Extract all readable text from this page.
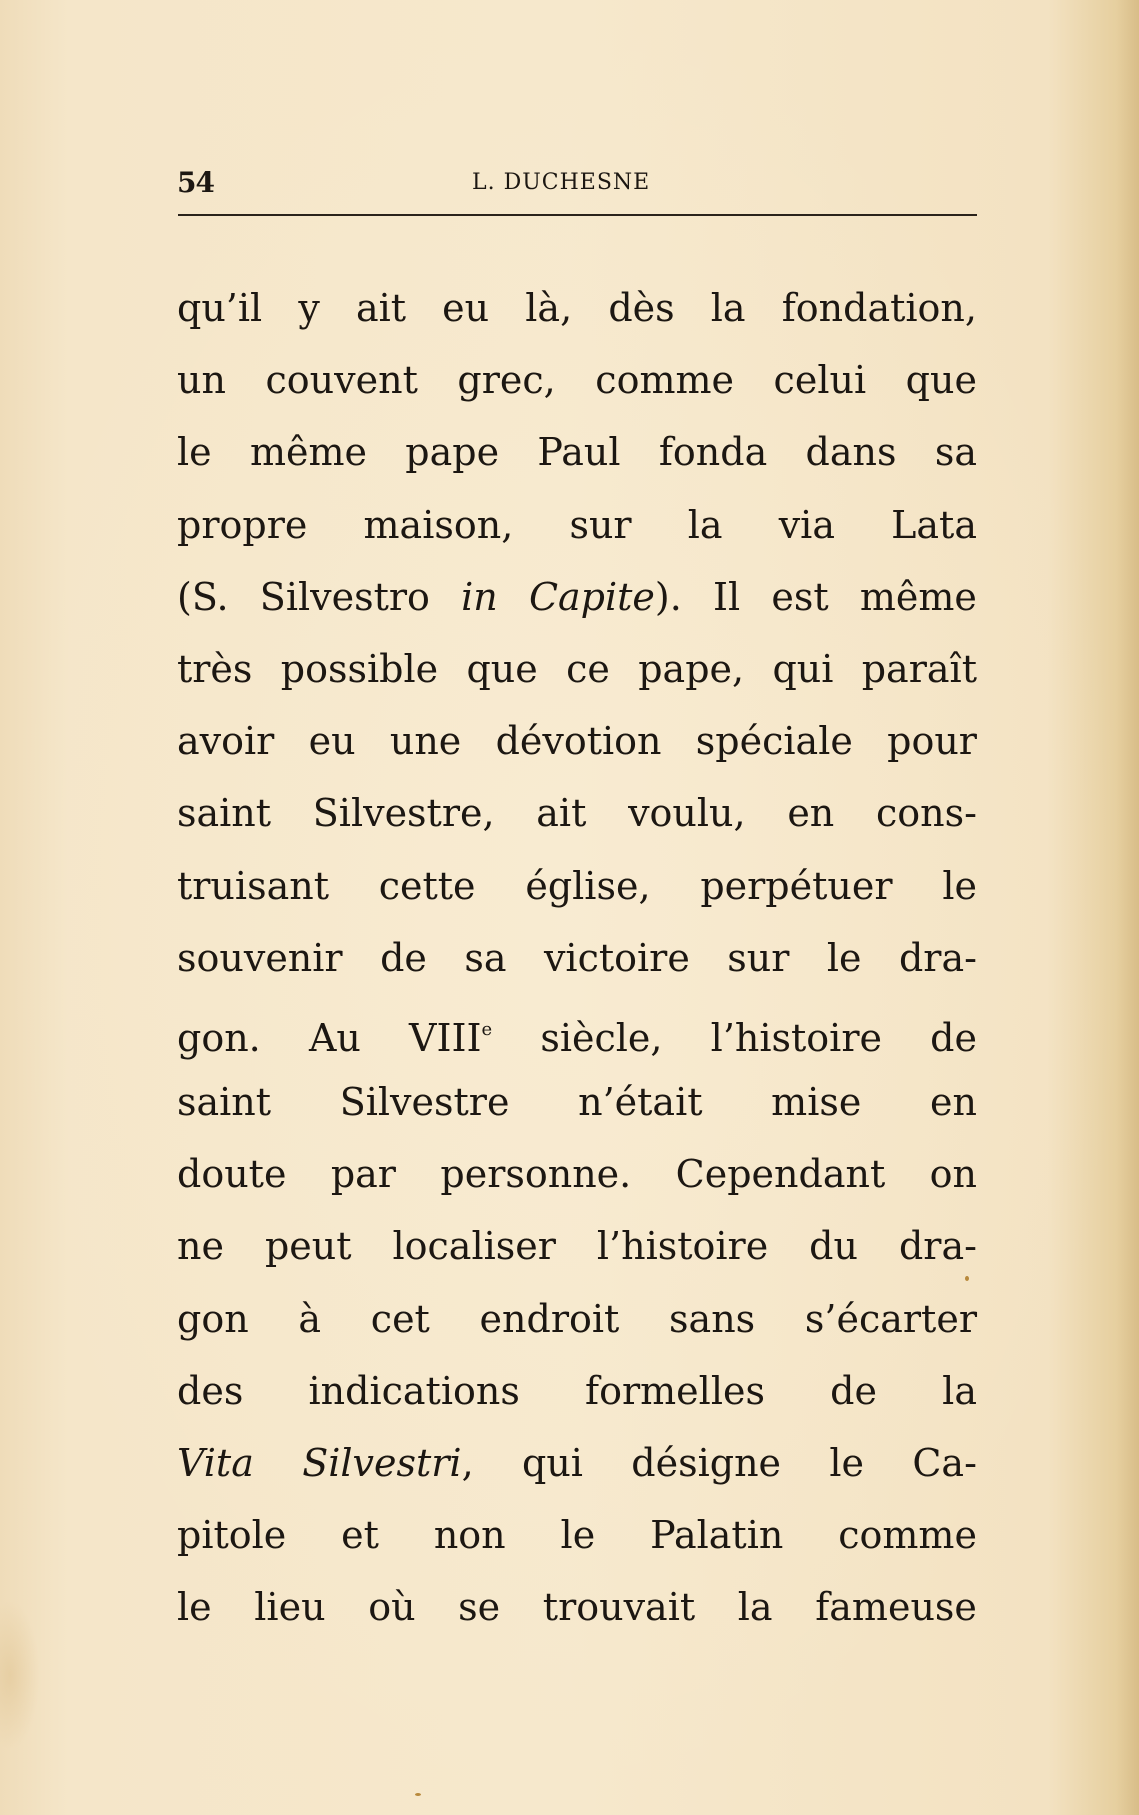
54	L. DUCHESNE
qu’il y ait eu là, dès la fondation,
un couvent grec, comme celui que
le même pape Paul fonda dans sa
propre maison, sur la via Lata
(S. Silvestro in Capite). Il est même
très possible que ce pape, qui paraît
avoir eu une dévotion spéciale pour
saint Silvestre, ait voulu, en cons-
truisant cette église, perpétuer le
souvenir de sa victoire sur le dra-
gon. Au VIIIe siècle, l’histoire de
saint Silvestre n’était mise en
doute par personne. Cependant on
ne peut localiser l’histoire du dra-
gon à cet endroit sans s’écarter
des indications formelles de la
Vita Silvestri, qui désigne le Ca-
pitole et non le Palatin comme
le lieu où se trouvait la fameuse
